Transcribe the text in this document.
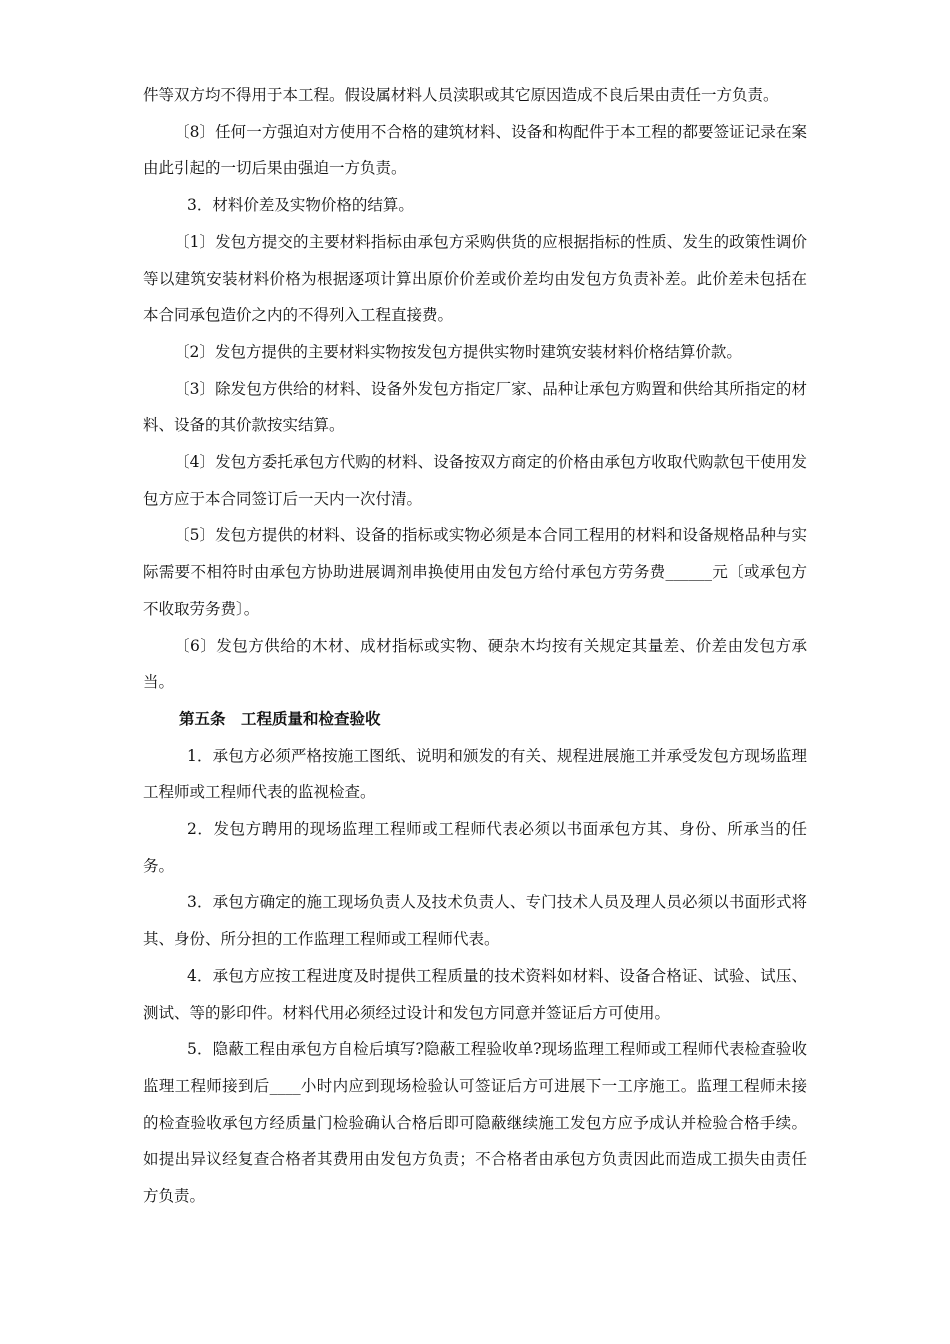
件等双方均不得用于本工程。假设属材料人员渎职或其它原因造成不良后果由责任一方负责。

〔8〕任何一方强迫对方使用不合格的建筑材料、设备和构配件于本工程的都要签证记录在案由此引起的一切后果由强迫一方负责。

3．材料价差及实物价格的结算。

〔1〕发包方提交的主要材料指标由承包方采购供货的应根据指标的性质、发生的政策性调价等以建筑安装材料价格为根据逐项计算出原价价差或价差均由发包方负责补差。此价差未包括在本合同承包造价之内的不得列入工程直接费。

〔2〕发包方提供的主要材料实物按发包方提供实物时建筑安装材料价格结算价款。

〔3〕除发包方供给的材料、设备外发包方指定厂家、品种让承包方购置和供给其所指定的材料、设备的其价款按实结算。

〔4〕发包方委托承包方代购的材料、设备按双方商定的价格由承包方收取代购款包干使用发包方应于本合同签订后一天内一次付清。

〔5〕发包方提供的材料、设备的指标或实物必须是本合同工程用的材料和设备规格品种与实际需要不相符时由承包方协助进展调剂串换使用由发包方给付承包方劳务费______元〔或承包方不收取劳务费〕。

〔6〕发包方供给的木材、成材指标或实物、硬杂木均按有关规定其量差、价差由发包方承当。

第五条　工程质量和检查验收

1．承包方必须严格按施工图纸、说明和颁发的有关、规程进展施工并承受发包方现场监理工程师或工程师代表的监视检查。

2．发包方聘用的现场监理工程师或工程师代表必须以书面承包方其、身份、所承当的任务。

3．承包方确定的施工现场负责人及技术负责人、专门技术人员及理人员必须以书面形式将其、身份、所分担的工作监理工程师或工程师代表。

4．承包方应按工程进度及时提供工程质量的技术资料如材料、设备合格证、试验、试压、测试、等的影印件。材料代用必须经过设计和发包方同意并签证后方可使用。

5．隐蔽工程由承包方自检后填写?隐蔽工程验收单?现场监理工程师或工程师代表检查验收监理工程师接到后____小时内应到现场检验认可签证后方可进展下一工序施工。监理工程师未接的检查验收承包方经质量门检验确认合格后即可隐蔽继续施工发包方应予成认并检验合格手续。如提出异议经复查合格者其费用由发包方负责；不合格者由承包方负责因此而造成工损失由责任方负责。
